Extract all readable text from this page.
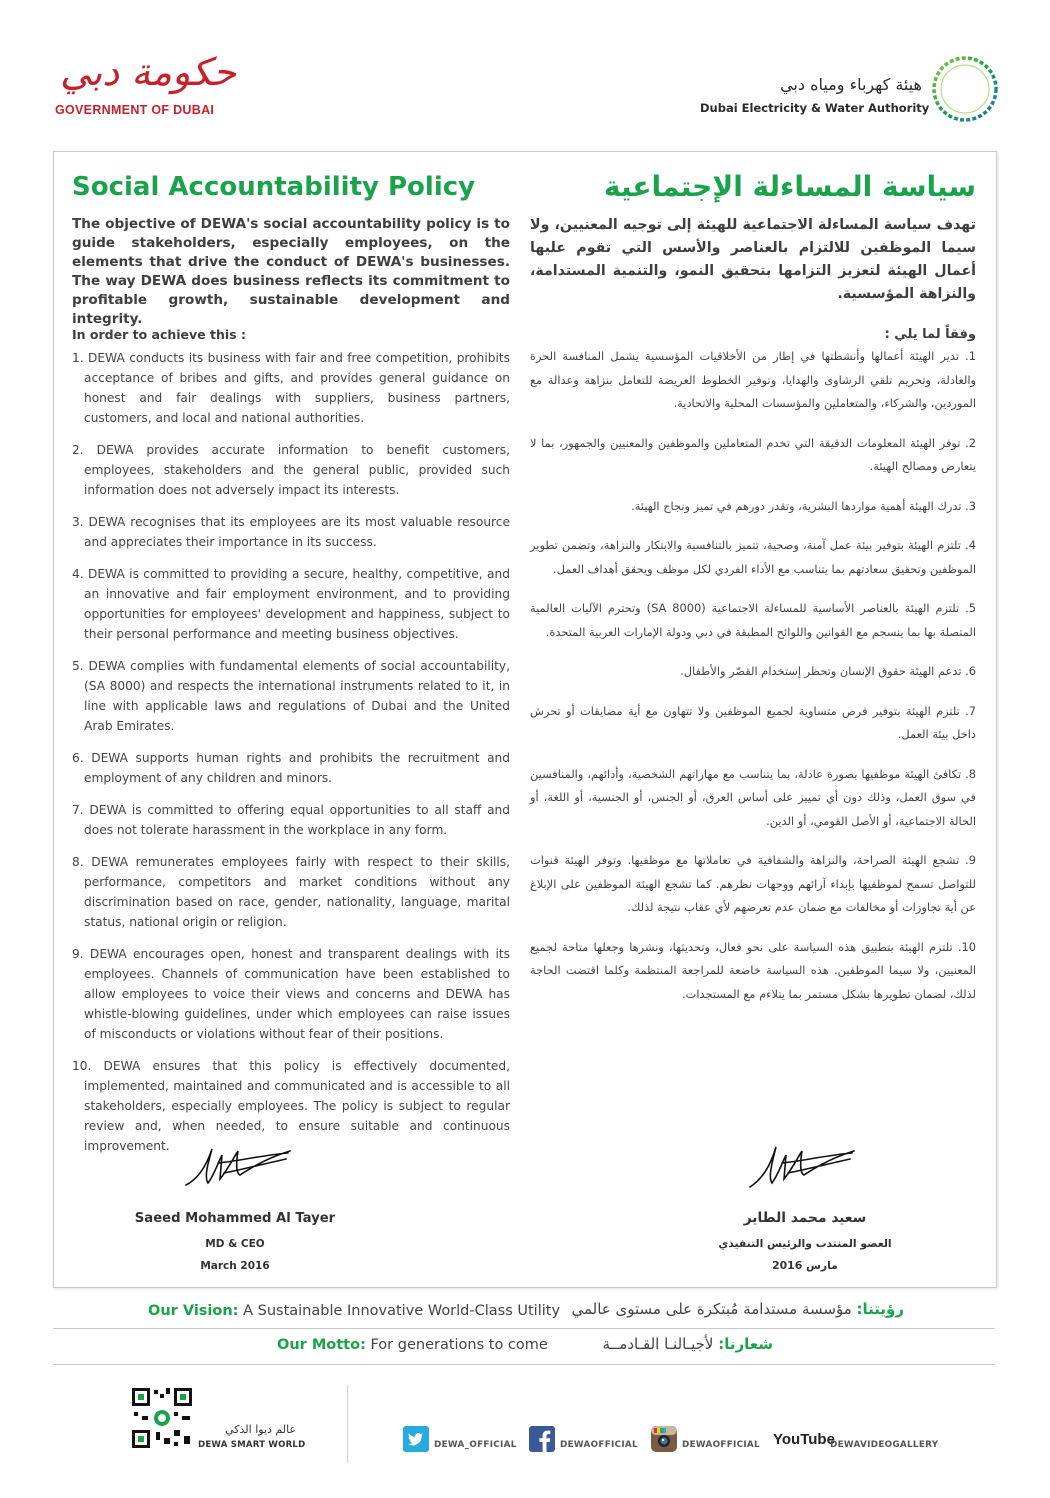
حكومة دبي
GOVERNMENT OF DUBAI
هيئة كهرباء ومياه دبي
Dubai Electricity & Water Authority
Social Accountability Policy	سياسة المساءلة الإجتماعية
The objective of DEWA's social accountability policy is to guide stakeholders, especially employees, on the elements that drive the conduct of DEWA's businesses. The way DEWA does business reflects its commitment to profitable growth, sustainable development and integrity.
تهدف سياسة المساءلة الاجتماعية للهيئة إلى توجيه المعنيين، ولا سيما الموظفين للالتزام بالعناصر والأسس التي تقوم عليها أعمال الهيئة لتعزيز التزامها بتحقيق النمو، والتنمية المستدامة، والنزاهة المؤسسية.
In order to achieve this :	وفقاً لما يلي :
1. DEWA conducts its business with fair and free competition, prohibits acceptance of bribes and gifts, and provides general guidance on honest and fair dealings with suppliers, business partners, customers, and local and national authorities.
2. DEWA provides accurate information to benefit customers, employees, stakeholders and the general public, provided such information does not adversely impact its interests.
3. DEWA recognises that its employees are its most valuable resource and appreciates their importance in its success.
4. DEWA is committed to providing a secure, healthy, competitive, and an innovative and fair employment environment, and to providing opportunities for employees' development and happiness, subject to their personal performance and meeting business objectives.
5. DEWA complies with fundamental elements of social accountability, (SA 8000) and respects the international instruments related to it, in line with applicable laws and regulations of Dubai and the United Arab Emirates.
6. DEWA supports human rights and prohibits the recruitment and employment of any children and minors.
7. DEWA is committed to offering equal opportunities to all staff and does not tolerate harassment in the workplace in any form.
8. DEWA remunerates employees fairly with respect to their skills, performance, competitors and market conditions without any discrimination based on race, gender, nationality, language, marital status, national origin or religion.
9. DEWA encourages open, honest and transparent dealings with its employees. Channels of communication have been established to allow employees to voice their views and concerns and DEWA has whistle-blowing guidelines, under which employees can raise issues of misconducts or violations without fear of their positions.
10. DEWA ensures that this policy is effectively documented, implemented, maintained and communicated and is accessible to all stakeholders, especially employees. The policy is subject to regular review and, when needed, to ensure suitable and continuous improvement.
1. تدير الهيئة أعمالها وأنشطتها في إطار من الأخلاقيات المؤسسية يشمل المنافسة الحرة والعادلة، وتحريم تلقي الرشاوى والهدايا، وتوفير الخطوط العريضة للتعامل بنزاهة وعدالة مع الموردين، والشركاء، والمتعاملين والمؤسسات المحلية والاتحادية.
2. توفر الهيئة المعلومات الدقيقة التي تخدم المتعاملين والموظفين والمعنيين والجمهور، بما لا يتعارض ومصالح الهيئة.
3. تدرك الهيئة أهمية مواردها البشرية، وتقدر دورهم في تميز ونجاح الهيئة.
4. تلتزم الهيئة بتوفير بيئة عمل آمنة، وصحية، تتميز بالتنافسية والابتكار والنزاهة، وتضمن تطوير الموظفين وتحقيق سعادتهم بما يتناسب مع الأداء الفردي لكل موظف ويحقق أهداف العمل.
5. تلتزم الهيئة بالعناصر الأساسية للمساءلة الاجتماعية (SA 8000) وتحترم الآليات العالمية المتصلة بها بما ينسجم مع القوانين واللوائح المطبقة في دبي ودولة الإمارات العربية المتحدة.
6. تدعم الهيئة حقوق الإنسان وتحظر إستخدام القصّر والأطفال.
7. تلتزم الهيئة بتوفير فرص متساوية لجميع الموظفين ولا تتهاون مع أية مضايقات أو تحرش داخل بيئة العمل.
8. تكافئ الهيئة موظفيها بصورة عادلة، بما يتناسب مع مهاراتهم الشخصية، وأدائهم، والمنافسين في سوق العمل، وذلك دون أي تمييز على أساس العرق، أو الجنس، أو الجنسية، أو اللغة، أو الحالة الاجتماعية، أو الأصل القومي، أو الدين.
9. تشجع الهيئة الصراحة، والنزاهة والشفافية في تعاملاتها مع موظفيها. وتوفر الهيئة قنوات للتواصل تسمح لموظفيها بإبداء آرائهم ووجهات نظرهم. كما تشجع الهيئة الموظفين على الإبلاغ عن أية تجاوزات أو مخالفات مع ضمان عدم تعرضهم لأي عقاب نتيجة لذلك.
10. تلتزم الهيئة بتطبيق هذه السياسة على نحو فعال، وتحديثها، ونشرها وجعلها متاحة لجميع المعنيين، ولا سيما الموظفين. هذه السياسة خاضعة للمراجعة المنتظمة وكلما اقتضت الحاجة لذلك، لضمان تطويرها بشكل مستمر بما يتلاءم مع المستجدات.
Saeed Mohammed Al Tayer
MD & CEO
March 2016
سعيد محمد الطاير
العضو المنتدب والرئيس التنفيذي
مارس 2016
Our Vision: A Sustainable Innovative World-Class Utility	رؤيتنا: مؤسسة مستدامة مُبتكرة على مستوى عالمي
Our Motto: For generations to come	شعارنا: لأجيـالنـا القـادمــة
عالم ديوا الذكي
DEWA SMART WORLD	DEWA_OFFICIAL	DEWAOFFICIAL	DEWAOFFICIAL YouTube
DEWAVIDEOGALLERY
